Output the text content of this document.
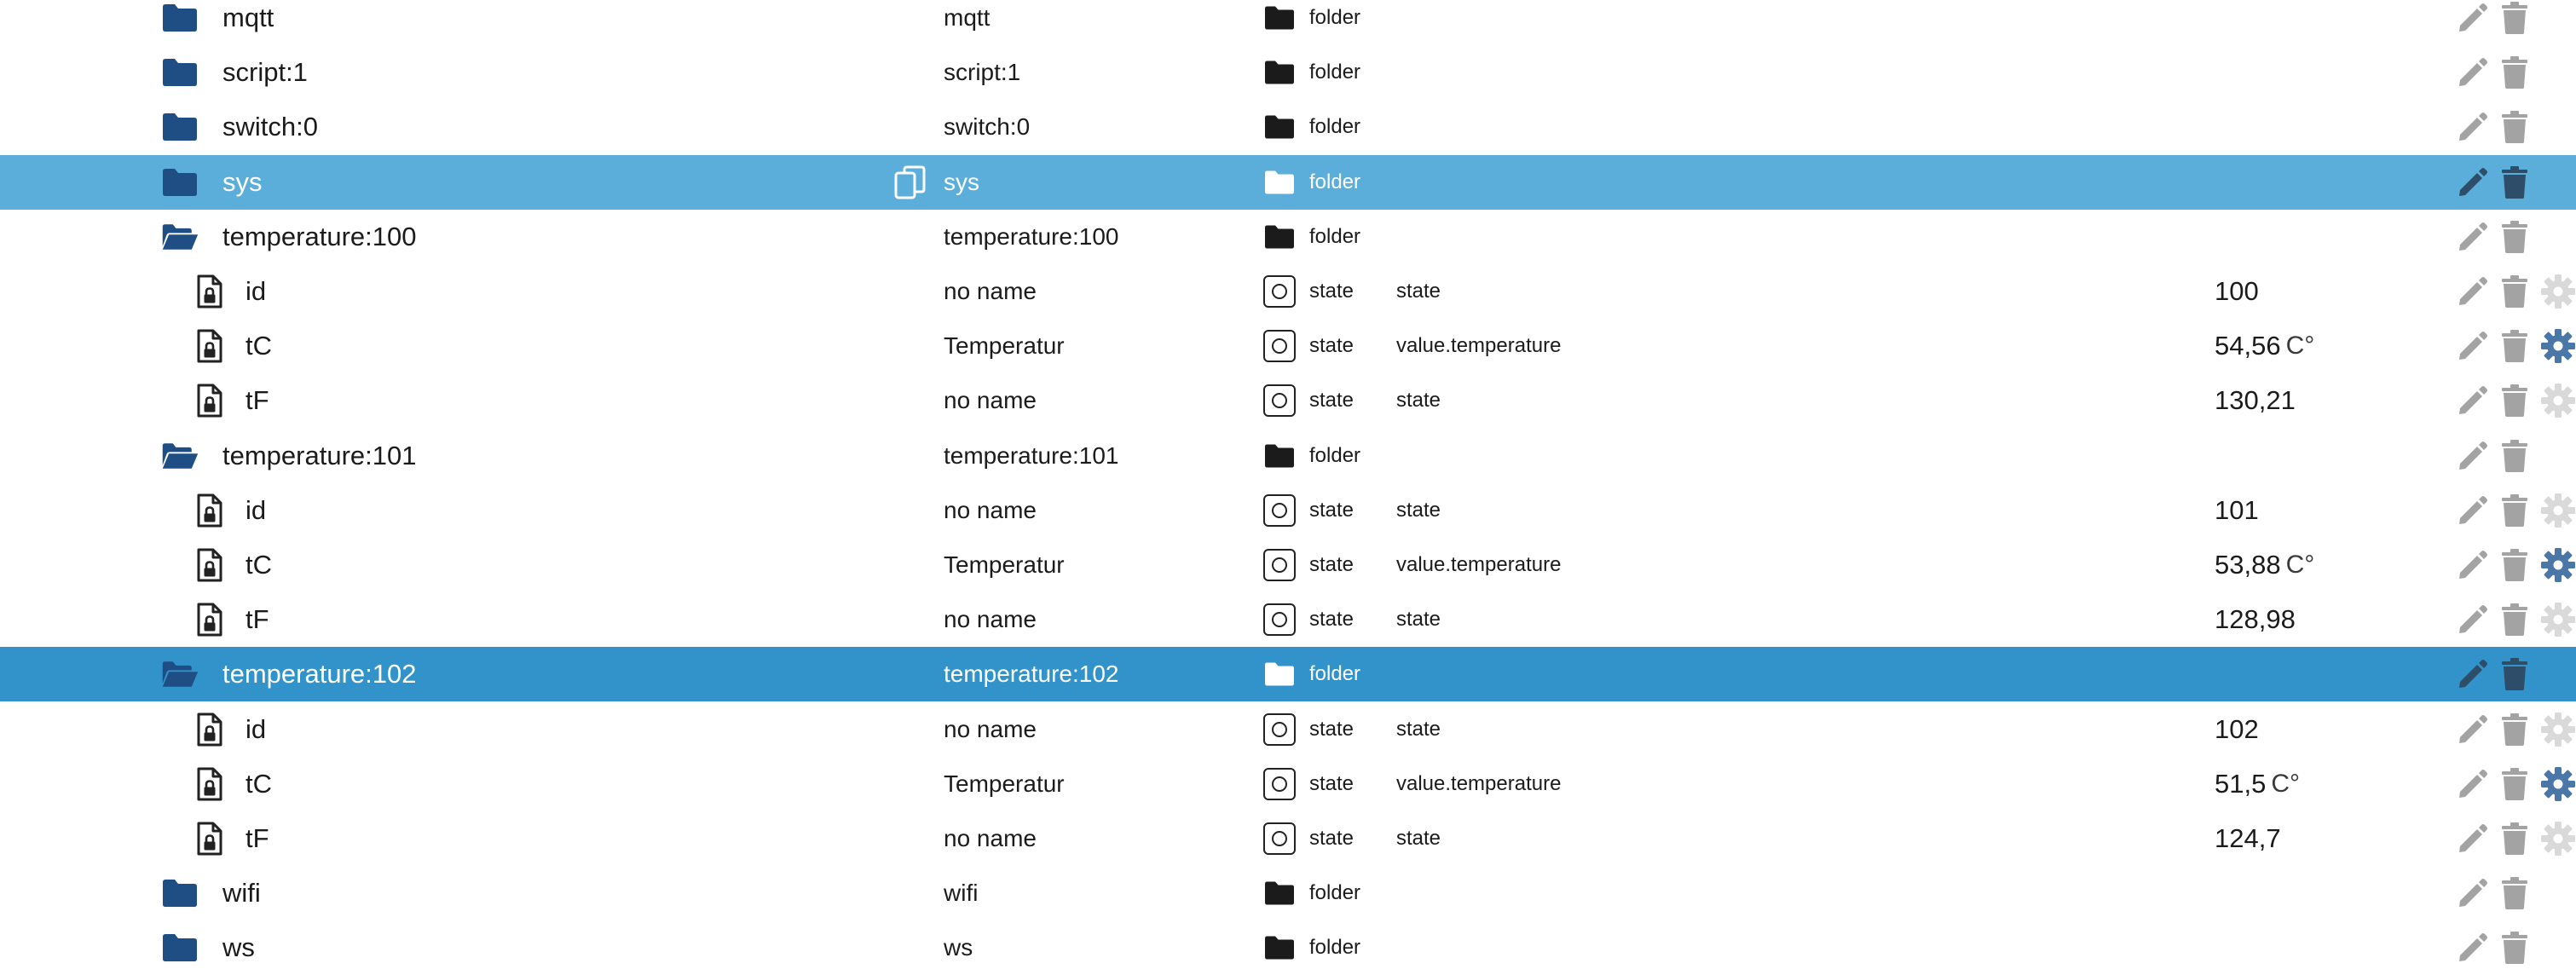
mqtt	mqtt	folder
script:1	script:1	folder
switch:0	switch:0	folder
sys	sys	folder
temperature:100	temperature:100	folder
id	no name	state state	100
tC	Temperatur	state value.temperature	54,56 C°
tF	no name	state state	130,21
temperature:101	temperature:101	folder
id	no name	state state	101
tC	Temperatur	state value.temperature	53,88 C°
tF	no name	state state	128,98
temperature:102	temperature:102	folder
id	no name	state state	102
tC	Temperatur	state value.temperature	51,5 C°
tF	no name	state state	124,7
wifi	wifi	folder
ws	ws	folder
